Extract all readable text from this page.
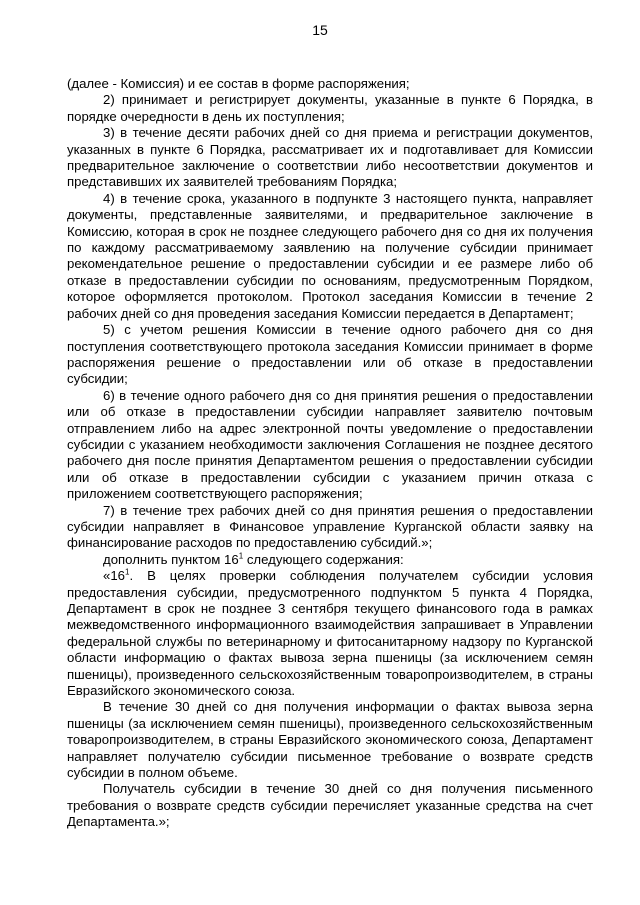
15

(далее - Комиссия) и ее состав в форме распоряжения;

2) принимает и регистрирует документы, указанные в пункте 6 Порядка, в порядке очередности в день их поступления;

3) в течение десяти рабочих дней со дня приема и регистрации документов, указанных в пункте 6 Порядка, рассматривает их и подготавливает для Комиссии предварительное заключение о соответствии либо несоответствии документов и представивших их заявителей требованиям Порядка;

4) в течение срока, указанного в подпункте 3 настоящего пункта, направляет документы, представленные заявителями, и предварительное заключение в Комиссию, которая в срок не позднее следующего рабочего дня со дня их получения по каждому рассматриваемому заявлению на получение субсидии принимает рекомендательное решение о предоставлении субсидии и ее размере либо об отказе в предоставлении субсидии по основаниям, предусмотренным Порядком, которое оформляется протоколом. Протокол заседания Комиссии в течение 2 рабочих дней со дня проведения заседания Комиссии передается в Департамент;

5) с учетом решения Комиссии в течение одного рабочего дня со дня поступления соответствующего протокола заседания Комиссии принимает в форме распоряжения решение о предоставлении или об отказе в предоставлении субсидии;

6) в течение одного рабочего дня со дня принятия решения о предоставлении или об отказе в предоставлении субсидии направляет заявителю почтовым отправлением либо на адрес электронной почты уведомление о предоставлении субсидии с указанием необходимости заключения Соглашения не позднее десятого рабочего дня после принятия Департаментом решения о предоставлении субсидии или об отказе в предоставлении субсидии с указанием причин отказа с приложением соответствующего распоряжения;

7) в течение трех рабочих дней со дня принятия решения о предоставлении субсидии направляет в Финансовое управление Курганской области заявку на финансирование расходов по предоставлению субсидий.»;

дополнить пунктом $16^1$ следующего содержания:

«$16^1$. В целях проверки соблюдения получателем субсидии условия предоставления субсидии, предусмотренного подпунктом 5 пункта 4 Порядка, Департамент в срок не позднее 3 сентября текущего финансового года в рамках межведомственного информационного взаимодействия запрашивает в Управлении федеральной службы по ветеринарному и фитосанитарному надзору по Курганской области информацию о фактах вывоза зерна пшеницы (за исключением семян пшеницы), произведенного сельскохозяйственным товаропроизводителем, в страны Евразийского экономического союза.

В течение 30 дней со дня получения информации о фактах вывоза зерна пшеницы (за исключением семян пшеницы), произведенного сельскохозяйственным товаропроизводителем, в страны Евразийского экономического союза, Департамент направляет получателю субсидии письменное требование о возврате средств субсидии в полном объеме.

Получатель субсидии в течение 30 дней со дня получения письменного требования о возврате средств субсидии перечисляет указанные средства на счет Департамента.»;
